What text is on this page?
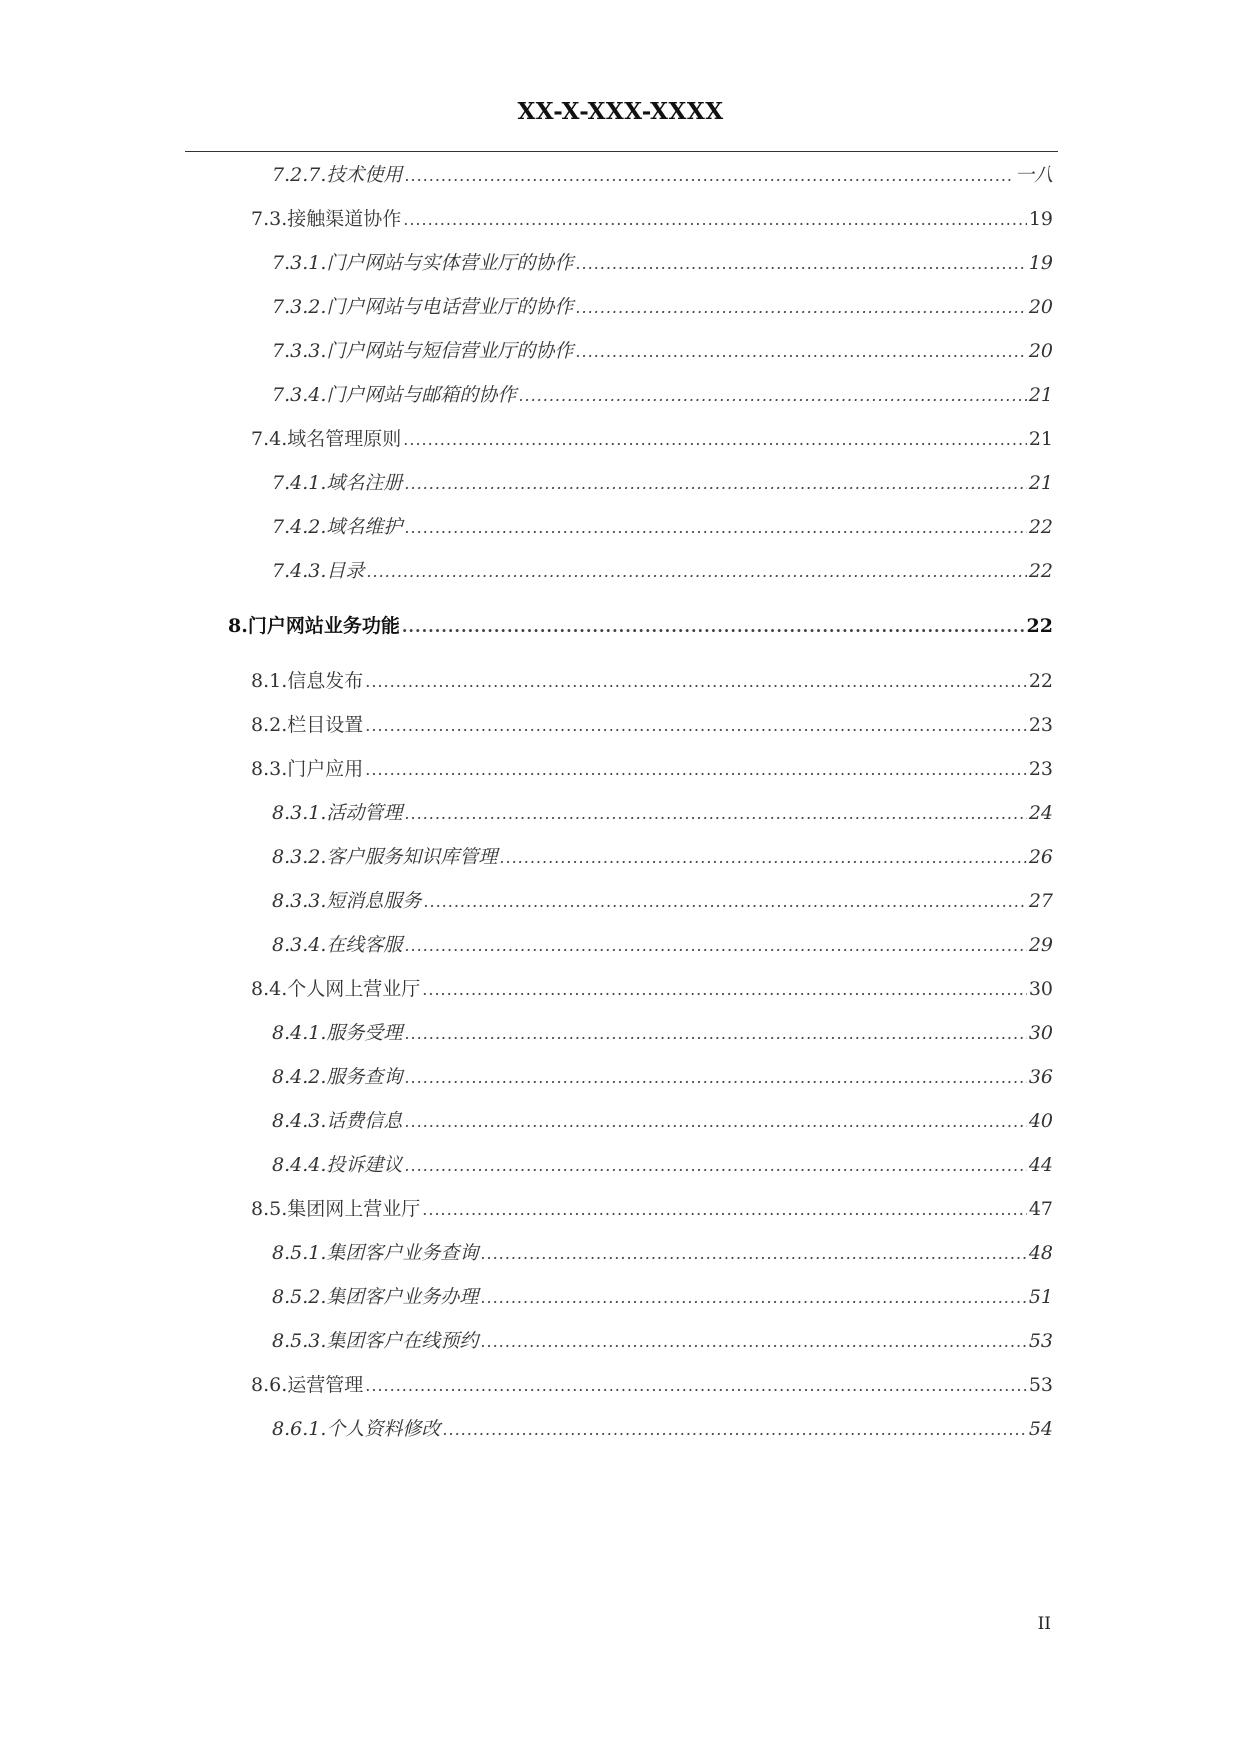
XX-X-XXX-XXXX
7.2.7. 技术使用 .....	一八
7.3. 接触渠道协作 .....	19
7.3.1. 门户网站与实体营业厅的协作 .....	19
7.3.2. 门户网站与电话营业厅的协作 .....	20
7.3.3. 门户网站与短信营业厅的协作 .....	20
7.3.4. 门户网站与邮箱的协作 .....	21
7.4. 域名管理原则 .....	21
7.4.1. 域名注册 .....	21
7.4.2. 域名维护 .....	22
7.4.3. 目录 .....	22
8. 门户网站业务功能 .....	22
8.1. 信息发布 .....	22
8.2. 栏目设置 .....	23
8.3. 门户应用 .....	23
8.3.1. 活动管理 .....	24
8.3.2. 客户服务知识库管理 .....	26
8.3.3. 短消息服务 .....	27
8.3.4. 在线客服 .....	29
8.4. 个人网上营业厅 .....	30
8.4.1. 服务受理 .....	30
8.4.2. 服务查询 .....	36
8.4.3. 话费信息 .....	40
8.4.4. 投诉建议 .....	44
8.5. 集团网上营业厅 .....	47
8.5.1. 集团客户业务查询 .....	48
8.5.2. 集团客户业务办理 .....	51
8.5.3. 集团客户在线预约 .....	53
8.6. 运营管理 .....	53
8.6.1. 个人资料修改 .....	54
II
